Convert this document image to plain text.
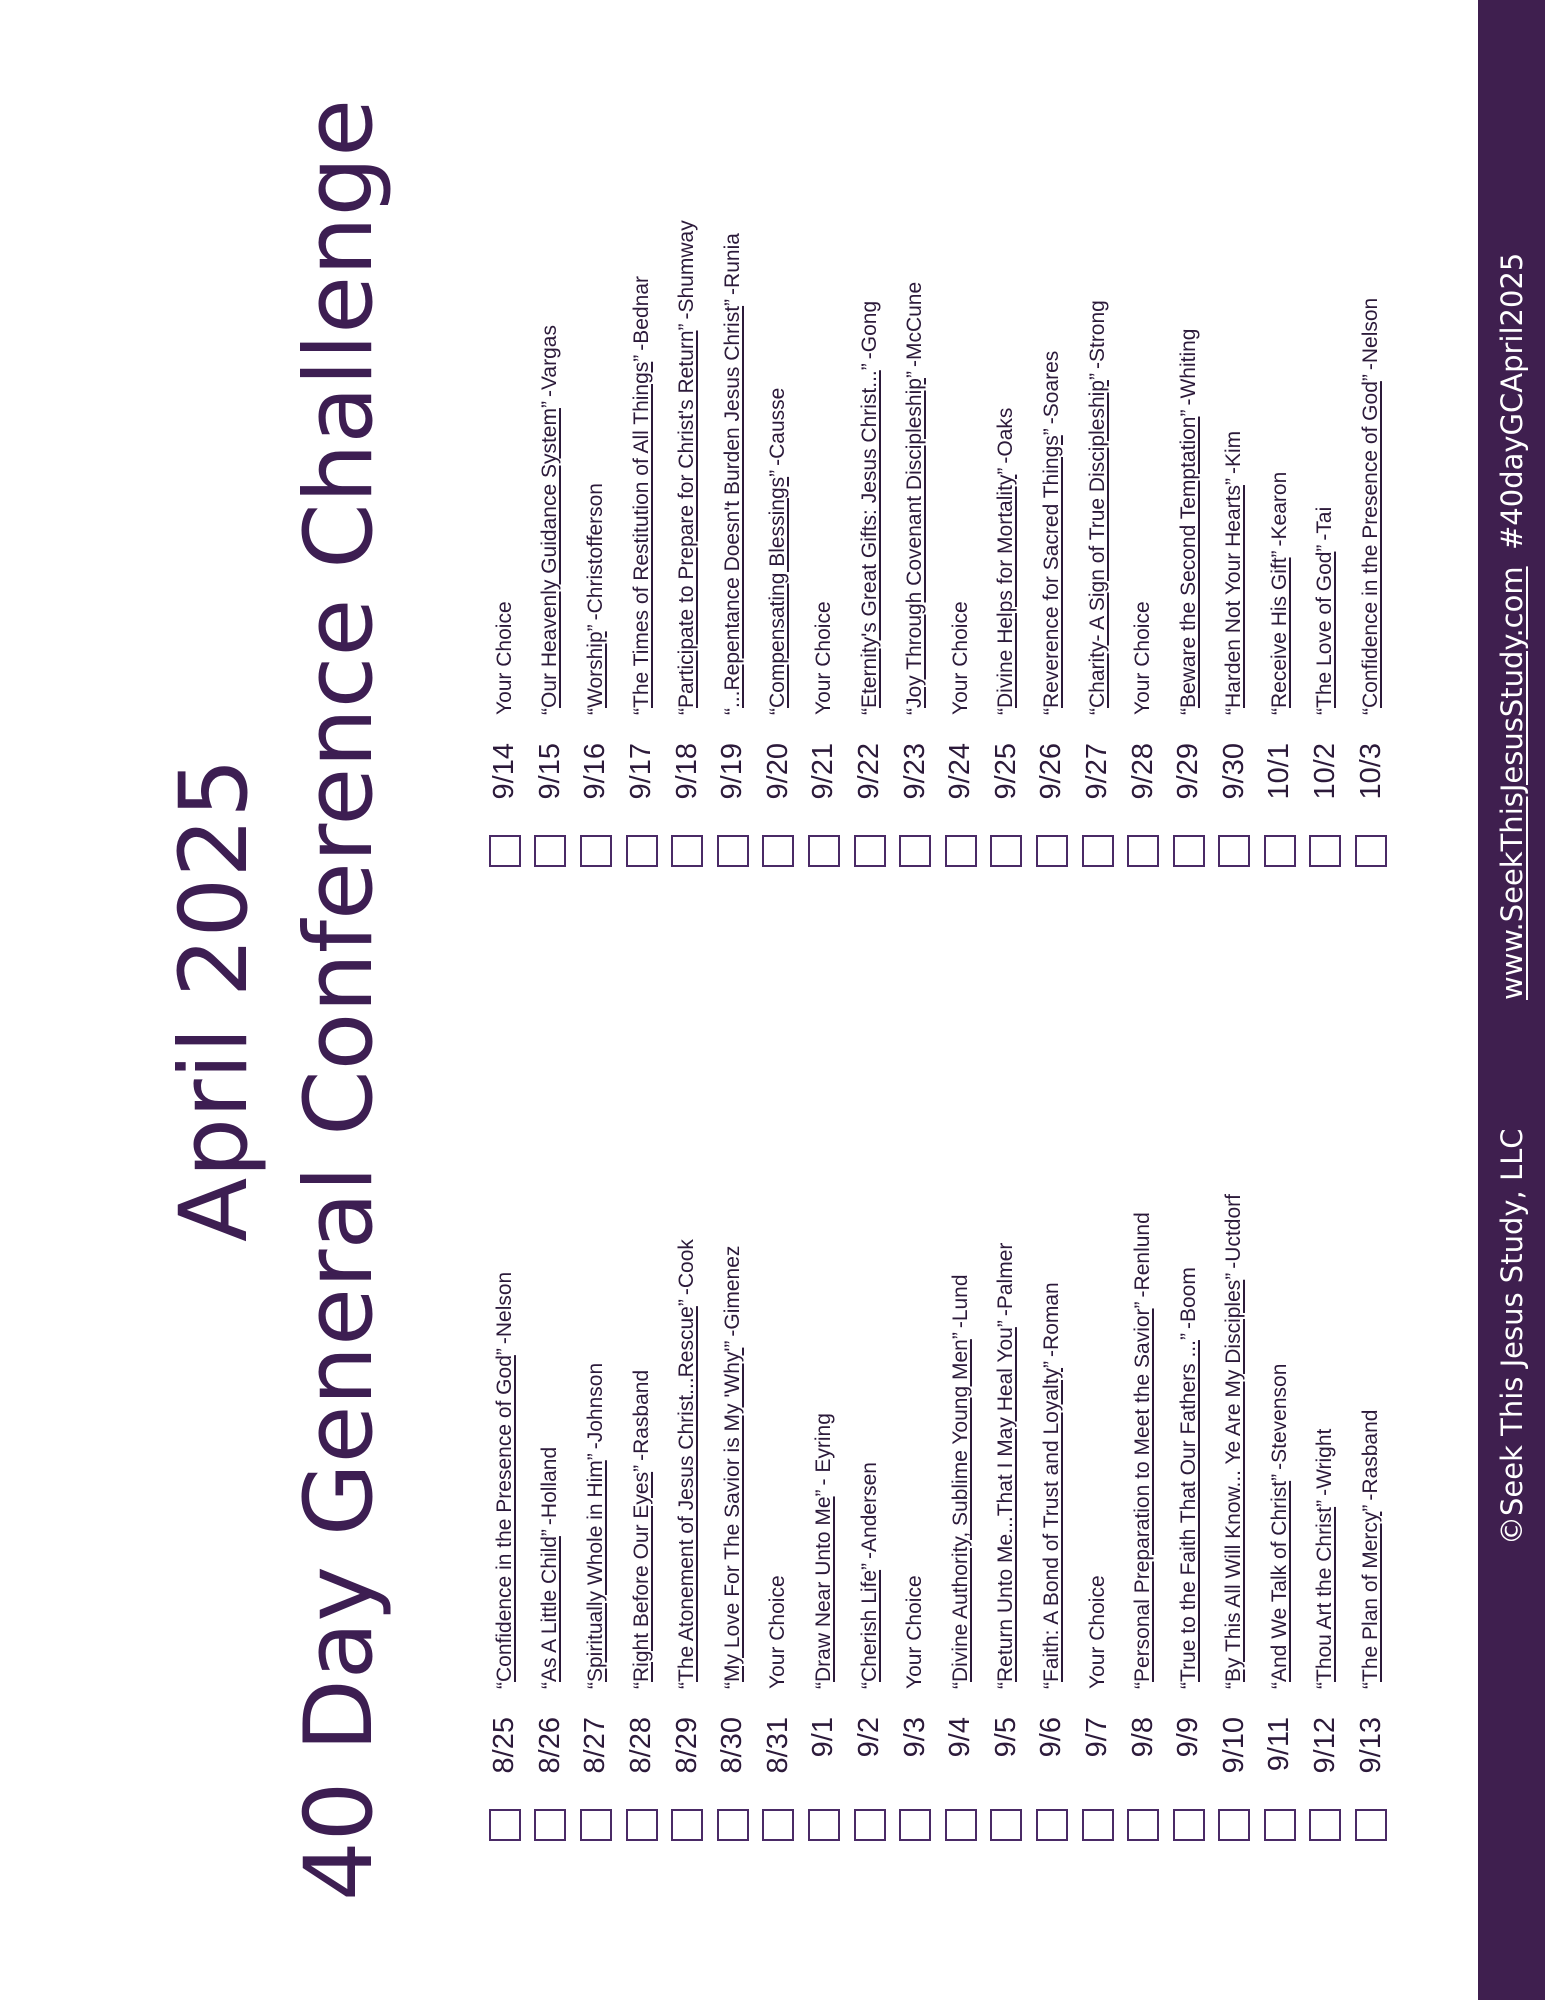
April 2025 40 Day General Conference Challenge	8/25
“
Confidence in the Presence of God
”
-Nelson
8/26
“
As A Little Child
”
-Holland
8/27
“
Spiritually Whole in Him
”
-Johnson
8/28
“
Right Before Our Eyes
”
-Rasband
8/29
“
The Atonement of Jesus Christ...Rescue
”
-Cook
8/30
“
My Love For The Savior is My 'Why'
”
-Gimenez
8/31
Your Choice
9/1
“
Draw Near Unto Me
”
- Eyring
9/2
“
Cherish Life
”
-Andersen
9/3
Your Choice
9/4
“
Divine Authority, Sublime Young Men
”
-Lund
9/5
“
Return Unto Me...That I May Heal You
”
-Palmer
9/6
“
Faith: A Bond of Trust and Loyalty
”
-Roman
9/7
Your Choice
9/8
“
Personal Preparation to Meet the Savior
”
-Renlund
9/9
“
True to the Faith That Our Fathers ...
”
-Boom
9/10
“
By This All Will Know... Ye Are My Disciples
”
-Uctdorf
9/11
“
And We Talk of Christ
”
-Stevenson
9/12
“
Thou Art the Christ
”
-Wright
9/13
“
The Plan of Mercy
”
-Rasband
9/14
Your Choice
9/15
“
Our Heavenly Guidance System
”
-Vargas
9/16
“
Worship
”
-Christofferson
9/17
“
The Times of Restitution of All Things
”
-Bednar
9/18
“
Participate to Prepare for Christ's Return
”
-Shumway
9/19
“
...Repentance Doesn't Burden Jesus Christ
”
-Runia
9/20
“
Compensating Blessings
”
-Causse
9/21
Your Choice
9/22
“
Eternity's Great Gifts: Jesus Christ...
”
-Gong
9/23
“
Joy Through Covenant Discipleship
”
-McCune
9/24
Your Choice
9/25
“
Divine Helps for Mortality
”
-Oaks
9/26
“
Reverence for Sacred Things
”
-Soares
9/27
“
Charity- A Sign of True Discipleship
”
-Strong
9/28
Your Choice
9/29
“
Beware the Second Temptation
”
-Whiting
9/30
“
Harden Not Your Hearts
”
-Kim
10/1
“
Receive His Gift
”
-Kearon
10/2
“
The Love of God
”
-Tai
10/3
“
Confidence in the Presence of God
”
-Nelson
©Seek This Jesus Study, LLC
www.SeekThisJesusStudy.com
#40dayGCApril2025
